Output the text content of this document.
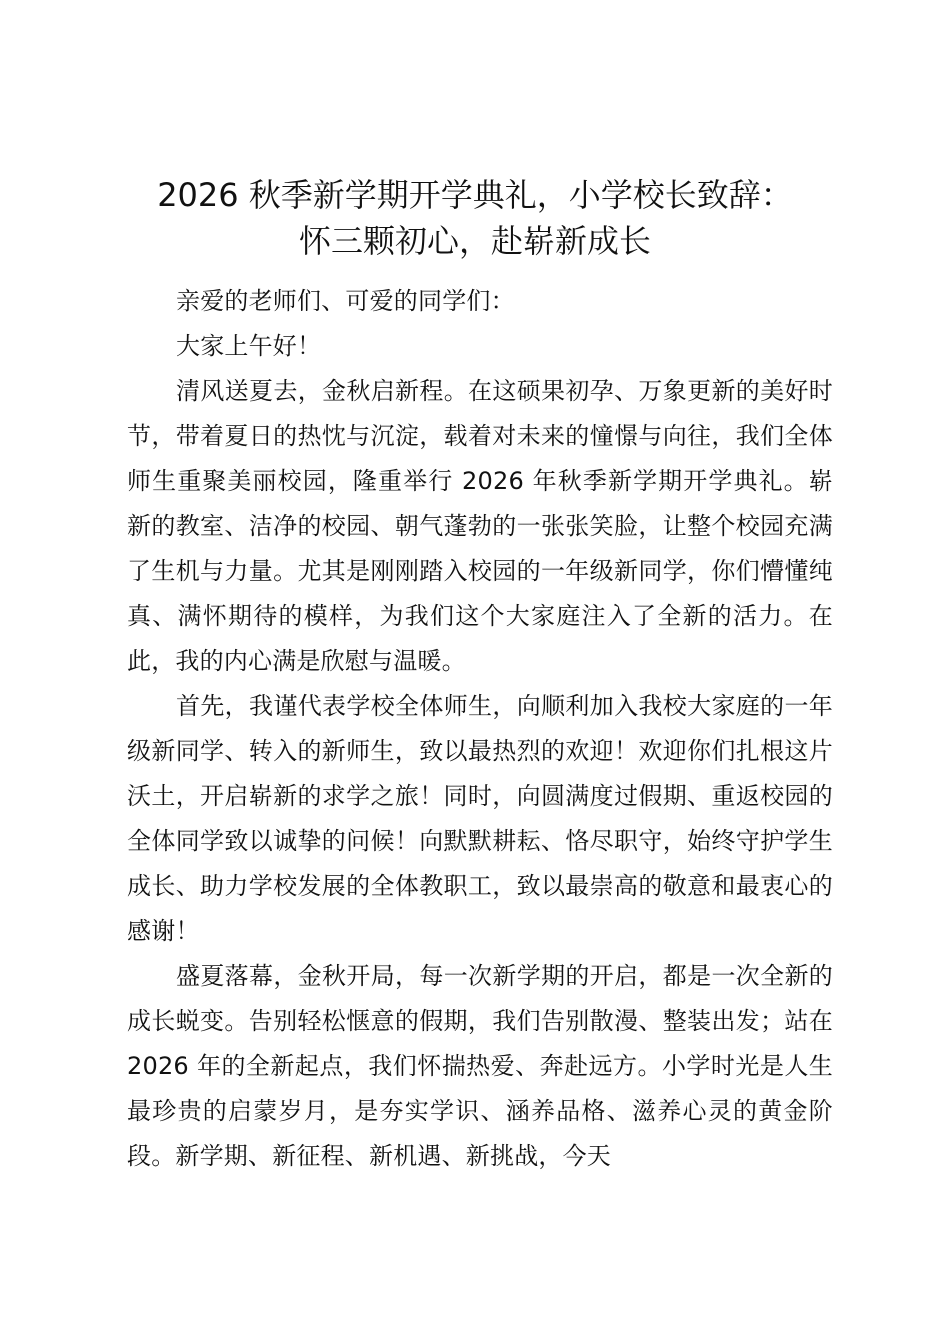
2026 秋季新学期开学典礼，小学校长致辞：
怀三颗初心，赴崭新成长

亲爱的老师们、可爱的同学们：

大家上午好！

清风送夏去，金秋启新程。在这硕果初孕、万象更新的美好时节，带着夏日的热忱与沉淀，载着对未来的憧憬与向往，我们全体师生重聚美丽校园，隆重举行 2026 年秋季新学期开学典礼。崭新的教室、洁净的校园、朝气蓬勃的一张张笑脸，让整个校园充满了生机与力量。尤其是刚刚踏入校园的一年级新同学，你们懵懂纯真、满怀期待的模样，为我们这个大家庭注入了全新的活力。在此，我的内心满是欣慰与温暖。

首先，我谨代表学校全体师生，向顺利加入我校大家庭的一年级新同学、转入的新师生，致以最热烈的欢迎！欢迎你们扎根这片沃土，开启崭新的求学之旅！同时，向圆满度过假期、重返校园的全体同学致以诚挚的问候！向默默耕耘、恪尽职守，始终守护学生成长、助力学校发展的全体教职工，致以最崇高的敬意和最衷心的感谢！

盛夏落幕，金秋开局，每一次新学期的开启，都是一次全新的成长蜕变。告别轻松惬意的假期，我们告别散漫、整装出发；站在 2026 年的全新起点，我们怀揣热爱、奔赴远方。小学时光是人生最珍贵的启蒙岁月，是夯实学识、涵养品格、滋养心灵的黄金阶段。新学期、新征程、新机遇、新挑战，今天
